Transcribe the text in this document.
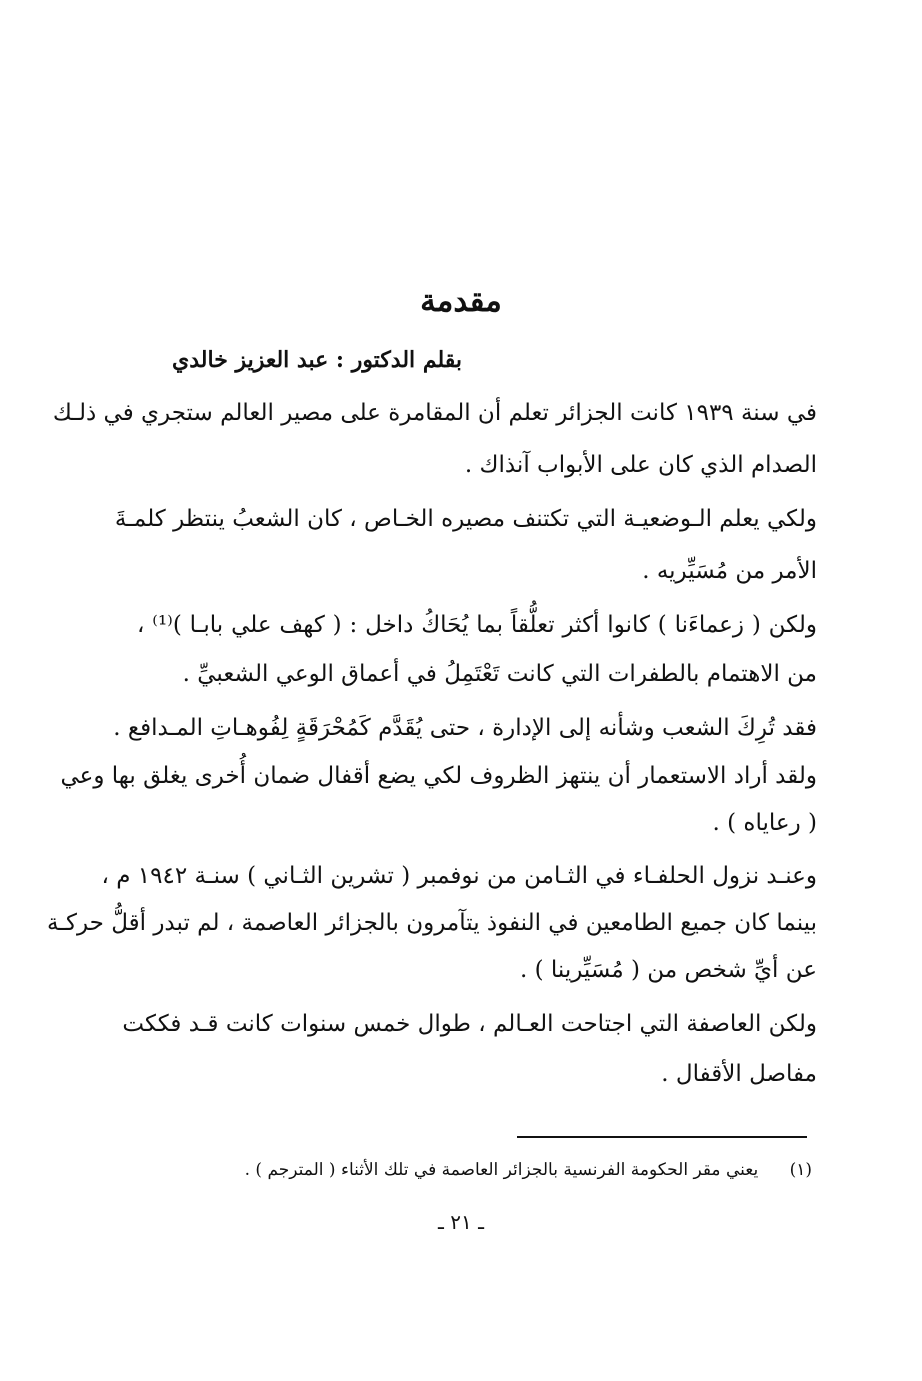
مقدمة
بقلم الدكتور : عبد العزيز خالدي
في سنة ١٩٣٩ كانت الجزائر تعلم أن المقامرة على مصير العالم ستجري في ذلـك
الصدام الذي كان على الأبواب آنذاك .
ولكي يعلم الـوضعيـة التي تكتنف مصيره الخـاص ، كان الشعبُ ينتظر كلمـةَ
الأمر من مُسَيِّريه .
ولكن ( زعماءَنا ) كانوا أكثر تعلُّقاً بما يُحَاكُ داخل : ( كهف علي بابـا )⁽¹⁾ ،
من الاهتمام بالطفرات التي كانت تَعْتَمِلُ في أعماق الوعي الشعبيِّ .
فقد تُرِكَ الشعب وشأنه إلى الإدارة ، حتى يُقَدَّم كَمُحْرَقَةٍ لِفُوهـاتِ المـدافع .
ولقد أراد الاستعمار أن ينتهز الظروف لكي يضع أقفال ضمان أُخرى يغلق بها وعي
( رعاياه ) .
وعنـد نزول الحلفـاء في الثـامن من نوفمبر ( تشرين الثـاني ) سنـة ١٩٤٢ م ،
بينما كان جميع الطامعين في النفوذ يتآمرون بالجزائر العاصمة ، لم تبدر أقلُّ حركـة
عن أيِّ شخص من ( مُسَيِّرينا ) .
ولكن العاصفة التي اجتاحت العـالم ، طوال خمس سنوات كانت قـد فككت
مفاصل الأقفال .
(١) يعني مقر الحكومة الفرنسية بالجزائر العاصمة في تلك الأثناء ( المترجم ) .
ـ ٢١ ـ
